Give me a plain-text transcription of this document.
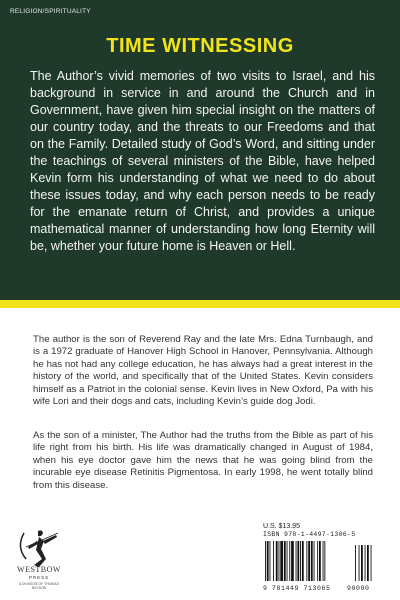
RELIGION/SPIRITUALITY
TIME WITNESSING
The Author’s vivid memories of two visits to Israel, and his background in service in and around the Church and in Government, have given him special insight on the matters of our country today, and the threats to our Freedoms and that on the Family. Detailed study of God’s Word, and sitting under the teachings of several ministers of the Bible, have helped Kevin form his understanding of what we need to do about these issues today, and why each person needs to be ready for the emanate return of Christ, and provides a unique mathematical manner of understanding how long Eternity will be, whether your future home is Heaven or Hell.
The author is the son of Reverend Ray and the late Mrs. Edna Turnbaugh, and is a 1972 graduate of Hanover High School in Hanover, Pennsylvania. Although he has not had any college education, he has always had a great interest in the history of the world, and specifically that of the United States. Kevin considers himself as a Patriot in the colonial sense. Kevin lives in New Oxford, Pa with his wife Lori and their dogs and cats, including Kevin’s guide dog Jodi.
As the son of a minister, The Author had the truths from the Bible as part of his life right from his birth. His life was dramatically changed in August of 1984, when his eye doctor gave him the news that he was going blind from the incurable eye disease Retinitis Pigmentosa. In early 1998, he went totally blind from this disease.
WESTBOW
PRESS
A DIVISION OF THOMAS NELSON
U.S. $13.95
ISBN 978-1-4497-1306-5
9 781449 713065	90000
